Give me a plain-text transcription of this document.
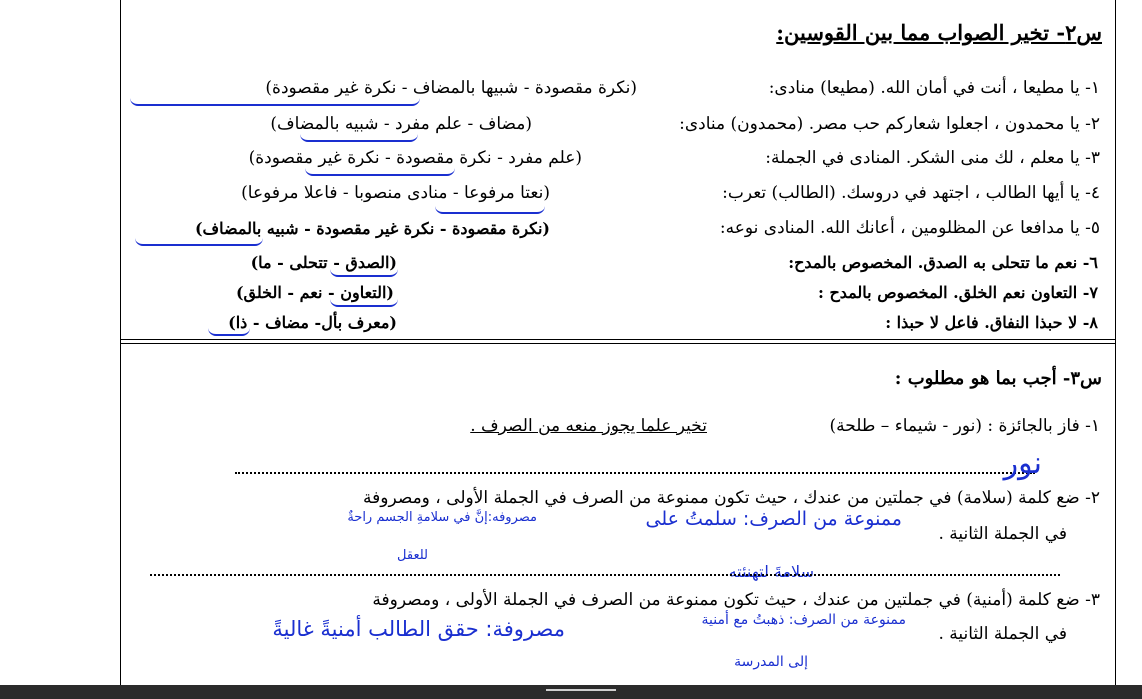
س٢- تخير الصواب مما بين القوسين:
١- يا مطيعا ، أنت في أمان الله. (مطيعا) منادى:
(نكرة مقصودة - شبيها بالمضاف - نكرة غير مقصودة)
٢- يا محمدون ، اجعلوا شعاركم حب مصر. (محمدون) منادى:
(مضاف - علم مفرد - شبيه بالمضاف)
٣- يا معلم ، لك منى الشكر. المنادى في الجملة:
(علم مفرد - نكرة مقصودة - نكرة غير مقصودة)
٤- يا أيها الطالب ، اجتهد في دروسك. (الطالب) تعرب:
(نعتا مرفوعا - منادى منصوبا - فاعلا مرفوعا)
٥- يا مدافعا عن المظلومين ، أعانك الله. المنادى نوعه:
(نكرة مقصودة - نكرة غير مقصودة - شبيه بالمضاف)
٦- نعم ما تتحلى به الصدق. المخصوص بالمدح:
(الصدق - تتحلى - ما)
٧- التعاون نعم الخلق. المخصوص بالمدح :
(التعاون - نعم - الخلق)
٨- لا حبذا النفاق. فاعل لا حبذا :
(معرف بأل- مضاف - ذا)
س٣- أجب بما هو مطلوب :
١- فاز بالجائزة : (نور - شيماء – طلحة)
تخير علما يجوز منعه من الصرف .
نور
٢- ضع كلمة (سلامة) في جملتين من عندك ، حيث تكون ممنوعة من الصرف في الجملة الأولى ، ومصروفة
في الجملة الثانية .
ممنوعة من الصرف: سلمتُ على
مصروفه:إنَّ في سلامةِ الجسم راحةٌ
للعقل
سلامةَ لتهنئته
٣- ضع كلمة (أمنية) في جملتين من عندك ، حيث تكون ممنوعة من الصرف في الجملة الأولى ، ومصروفة
في الجملة الثانية .
ممنوعة من الصرف: ذهبتُ مع أمنية
مصروفة: حقق الطالب أمنيةً غاليةً
إلى المدرسة
